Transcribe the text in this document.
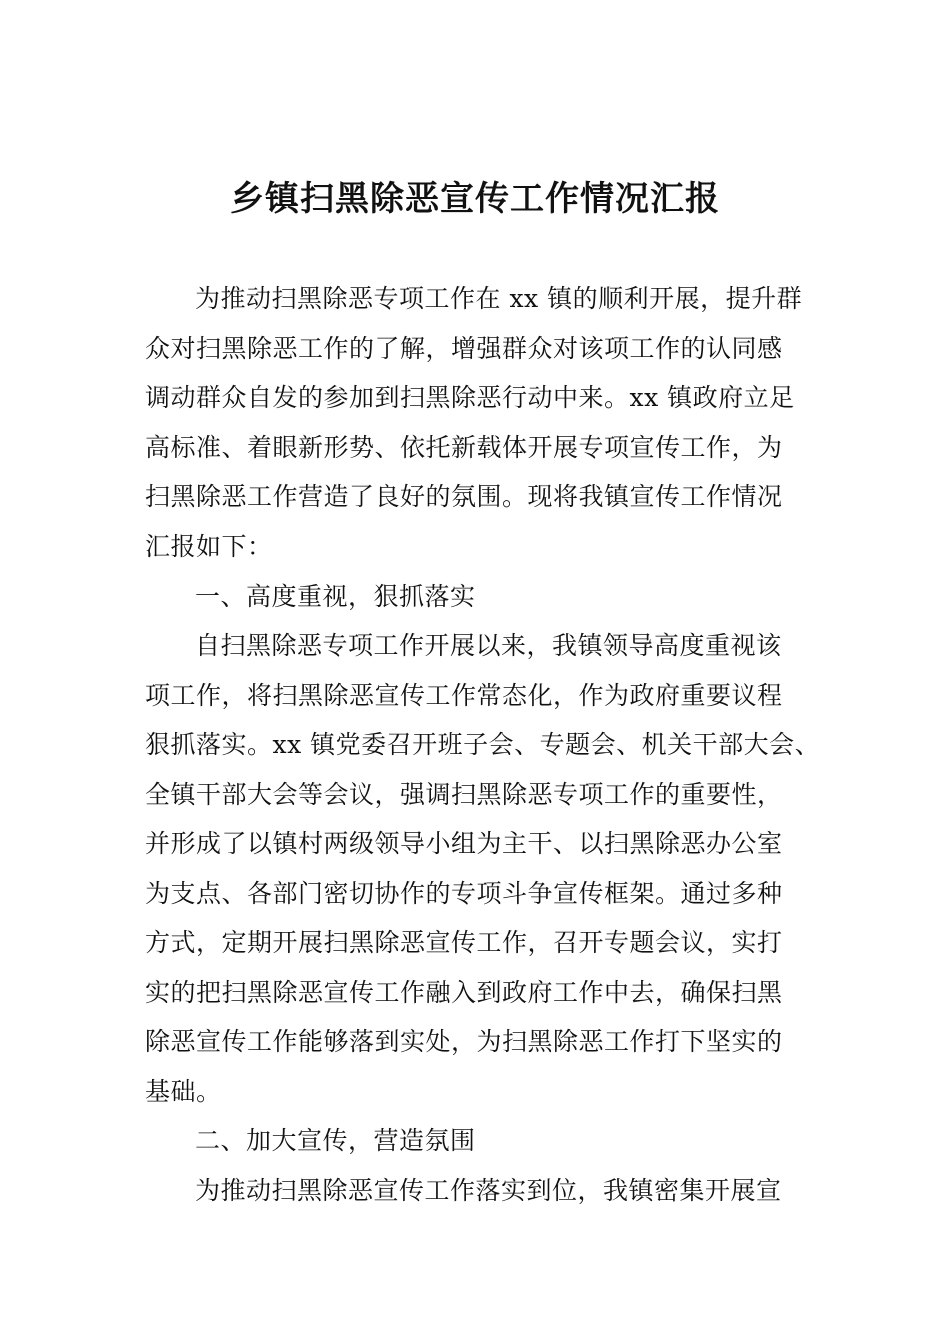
乡镇扫黑除恶宣传工作情况汇报

为推动扫黑除恶专项工作在 xx 镇的顺利开展，提升群

众对扫黑除恶工作的了解，增强群众对该项工作的认同感

调动群众自发的参加到扫黑除恶行动中来。xx 镇政府立足

高标准、着眼新形势、依托新载体开展专项宣传工作，为

扫黑除恶工作营造了良好的氛围。现将我镇宣传工作情况

汇报如下：

一、高度重视，狠抓落实

自扫黑除恶专项工作开展以来，我镇领导高度重视该

项工作，将扫黑除恶宣传工作常态化，作为政府重要议程

狠抓落实。xx 镇党委召开班子会、专题会、机关干部大会、

全镇干部大会等会议，强调扫黑除恶专项工作的重要性，

并形成了以镇村两级领导小组为主干、以扫黑除恶办公室

为支点、各部门密切协作的专项斗争宣传框架。通过多种

方式，定期开展扫黑除恶宣传工作，召开专题会议，实打

实的把扫黑除恶宣传工作融入到政府工作中去，确保扫黑

除恶宣传工作能够落到实处，为扫黑除恶工作打下坚实的

基础。

二、加大宣传，营造氛围

为推动扫黑除恶宣传工作落实到位，我镇密集开展宣
